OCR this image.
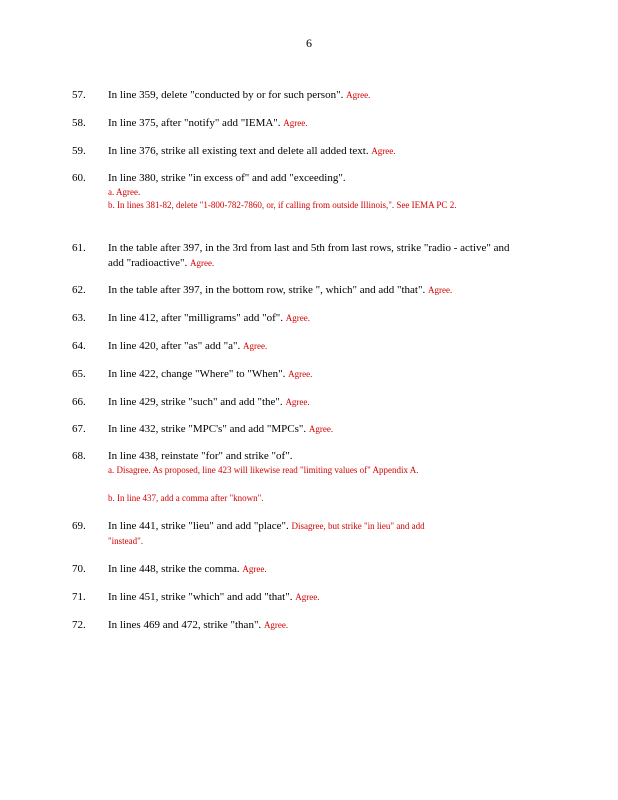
6
57. In line 359, delete "conducted by or for such person". Agree.
58. In line 375, after "notify" add "IEMA". Agree.
59. In line 376, strike all existing text and delete all added text. Agree.
60. In line 380, strike "in excess of" and add "exceeding".
a. Agree.
b. In lines 381-82, delete "1-800-782-7860, or, if calling from outside Illinois,". See IEMA PC 2.
61. In the table after 397, in the 3rd from last and 5th from last rows, strike "radio - active" and
add "radioactive". Agree.
62. In the table after 397, in the bottom row, strike ", which" and add "that". Agree.
63. In line 412, after "milligrams" add "of". Agree.
64. In line 420, after "as" add "a". Agree.
65. In line 422, change "Where" to "When". Agree.
66. In line 429, strike "such" and add "the". Agree.
67. In line 432, strike "MPC's" and add "MPCs". Agree.
68. In line 438, reinstate "for" and strike "of".
a. Disagree. As proposed, line 423 will likewise read "limiting values of" Appendix A.
b. In line 437, add a comma after "known".
69. In line 441, strike "lieu" and add "place". Disagree, but strike "in lieu" and add
"instead".
70. In line 448, strike the comma. Agree.
71. In line 451, strike "which" and add "that". Agree.
72. In lines 469 and 472, strike "than". Agree.
